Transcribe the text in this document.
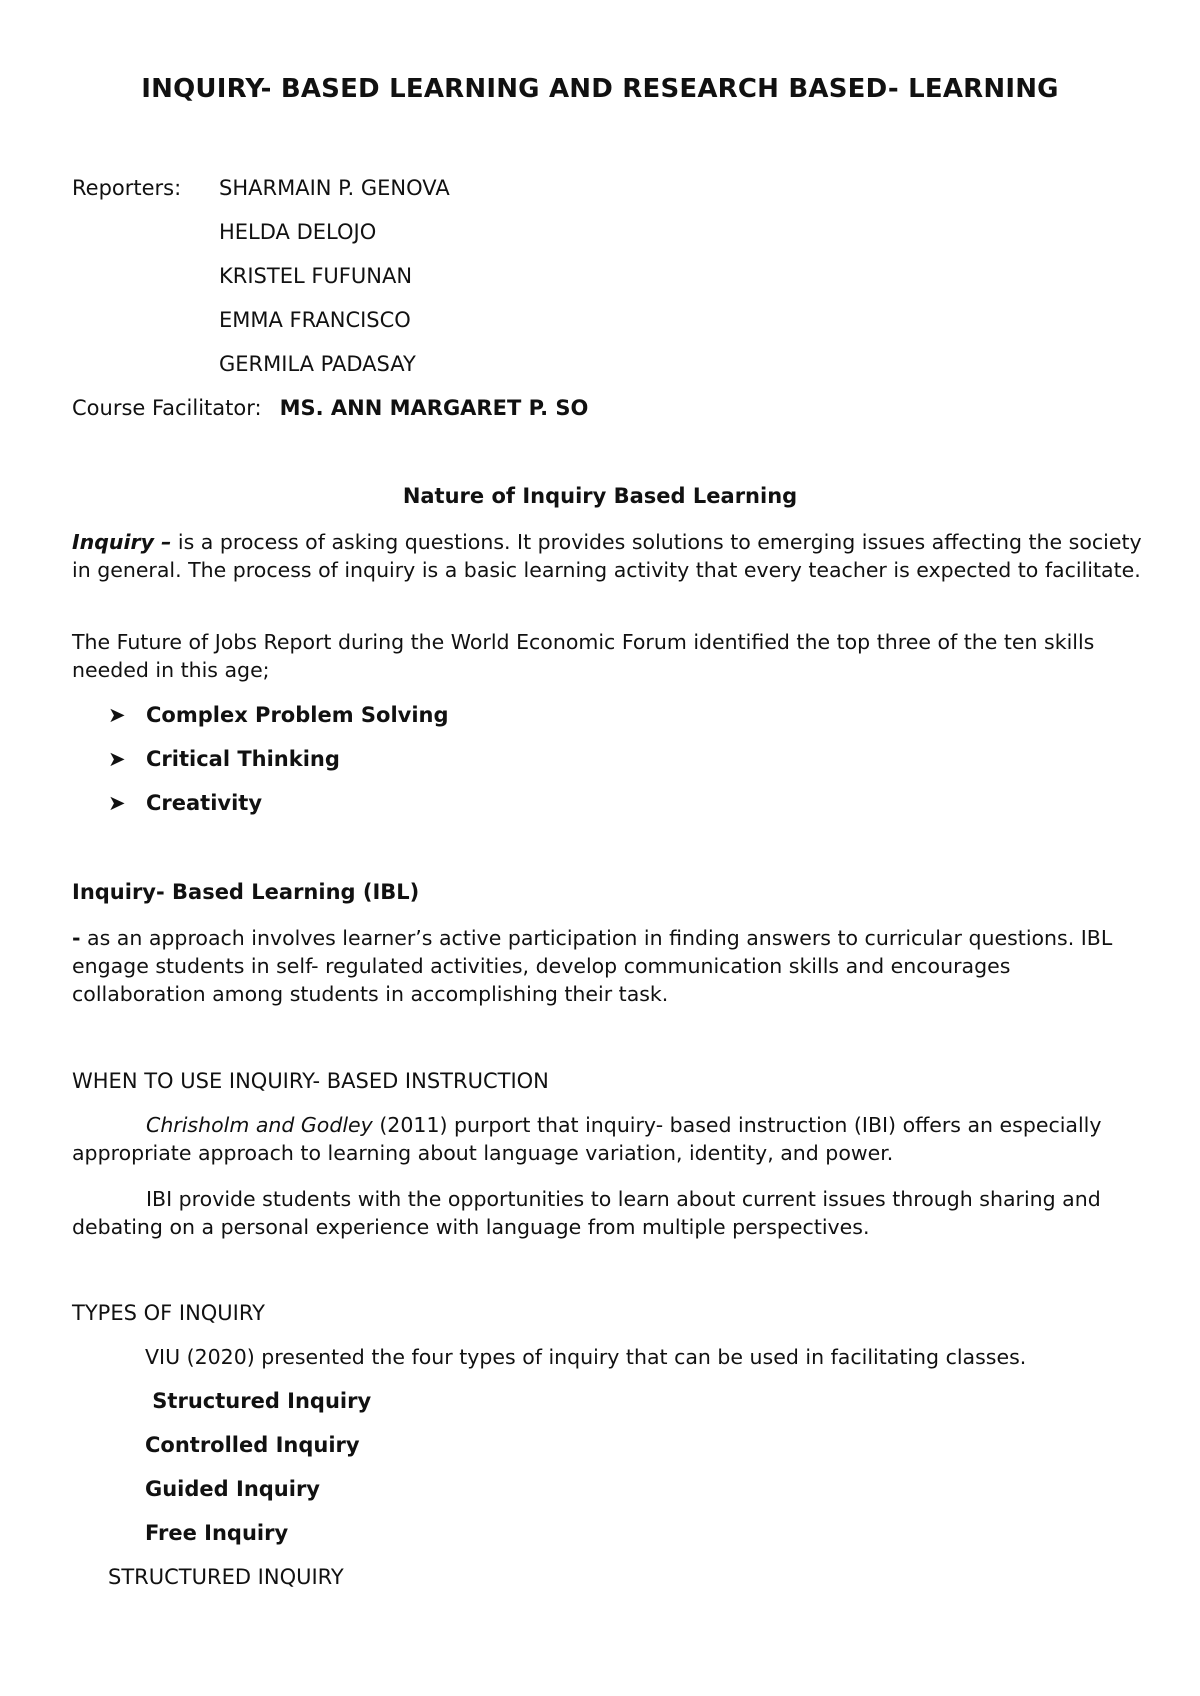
INQUIRY- BASED LEARNING AND RESEARCH BASED- LEARNING
Reporters: SHARMAIN P. GENOVA
HELDA DELOJO
KRISTEL FUFUNAN
EMMA FRANCISCO
GERMILA PADASAY
Course Facilitator: MS. ANN MARGARET P. SO
Nature of Inquiry Based Learning

Inquiry – is a process of asking questions. It provides solutions to emerging issues affecting the society in general. The process of inquiry is a basic learning activity that every teacher is expected to facilitate.

The Future of Jobs Report during the World Economic Forum identified the top three of the ten skills needed in this age;

➤ Complex Problem Solving
➤ Critical Thinking
➤ Creativity
Inquiry- Based Learning (IBL)

- as an approach involves learner’s active participation in finding answers to curricular questions. IBL engage students in self- regulated activities, develop communication skills and encourages collaboration among students in accomplishing their task.

WHEN TO USE INQUIRY- BASED INSTRUCTION

Chrisholm and Godley (2011) purport that inquiry- based instruction (IBI) offers an especially appropriate approach to learning about language variation, identity, and power.

IBI provide students with the opportunities to learn about current issues through sharing and debating on a personal experience with language from multiple perspectives.

TYPES OF INQUIRY

VIU (2020) presented the four types of inquiry that can be used in facilitating classes.

Structured Inquiry
Controlled Inquiry
Guided Inquiry
Free Inquiry
STRUCTURED INQUIRY
